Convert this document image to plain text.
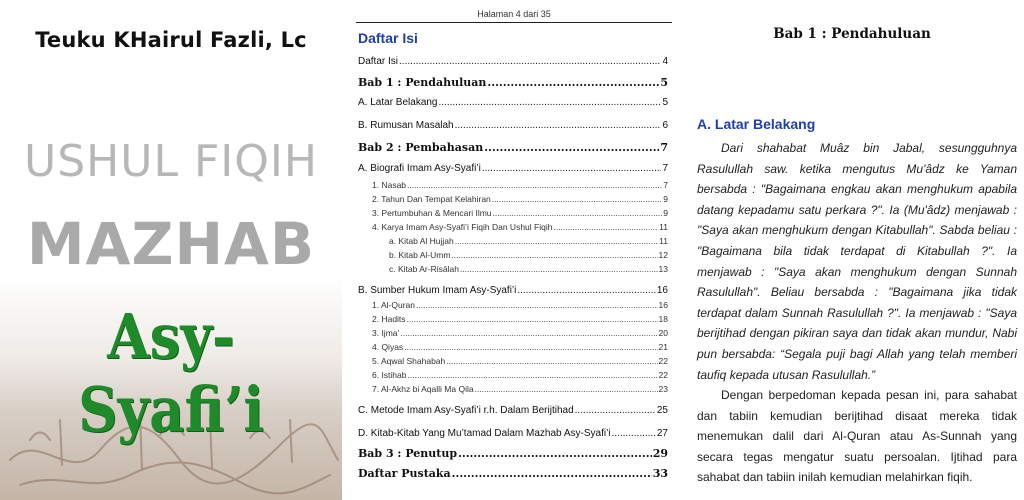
Teuku KHairul Fazli, Lc
USHUL FIQIH
MAZHAB
Asy-Syafi’i
Halaman 4 dari 35
Daftar Isi
Daftar Isi .....	4
Bab 1 : Pendahuluan .....	5
A. Latar Belakang .....	5
B. Rumusan Masalah .....	6
Bab 2 : Pembahasan .....	7
A. Biografi Imam Asy-Syafi’i .....	7
1. Nasab .....	7
2. Tahun Dan Tempat Kelahiran .....	9
3. Pertumbuhan & Mencari Ilmu .....	9
4. Karya Imam Asy-Syafi’i Fiqih Dan Ushul Fiqih .....	11
a. Kitab Al Hujjah .....	11
b. Kitab Al-Umm .....	12
c. Kitab Ar-Risālah .....	13
B. Sumber Hukum Imam Asy-Syafi’i .....	16
1. Al-Quran .....	16
2. Hadits .....	18
3. Ijma’ .....	20
4. Qiyas .....	21
5. Aqwal Shahabah .....	22
6. Istihab .....	22
7. Al-Akhz bi Aqalli Ma Qila .....	23
C. Metode Imam Asy-Syafi’i r.h. Dalam Berijtihad .....	25
D. Kitab-Kitab Yang Mu’tamad Dalam Mazhab Asy-Syafi’i .....	27
Bab 3 : Penutup .....	29
Daftar Pustaka .....	33
Bab 1 : Pendahuluan
A. Latar Belakang
Dari shahabat Muâz bin Jabal, sesungguhnya Rasulullah saw. ketika mengutus Mu'âdz ke Yaman bersabda : "Bagaimana engkau akan menghukum apabila datang kepadamu satu perkara ?". Ia (Mu'âdz) menjawab : "Saya akan menghukum dengan Kitabullah". Sabda beliau : "Bagaimana bila tidak terdapat di Kitabullah ?". Ia menjawab : "Saya akan menghukum dengan Sunnah Rasulullah". Beliau bersabda : "Bagaimana jika tidak terdapat dalam Sunnah Rasulullah ?". Ia menjawab : "Saya berijtihad dengan pikiran saya dan tidak akan mundur, Nabi pun bersabda: “Segala puji bagi Allah yang telah memberi taufiq kepada utusan Rasulullah.”
Dengan berpedoman kepada pesan ini, para sahabat dan tabiin kemudian berijtihad disaat mereka tidak menemukan dalil dari Al-Quran atau As-Sunnah yang secara tegas mengatur suatu persoalan. Ijtihad para sahabat dan tabiin inilah kemudian melahirkan fiqih.
